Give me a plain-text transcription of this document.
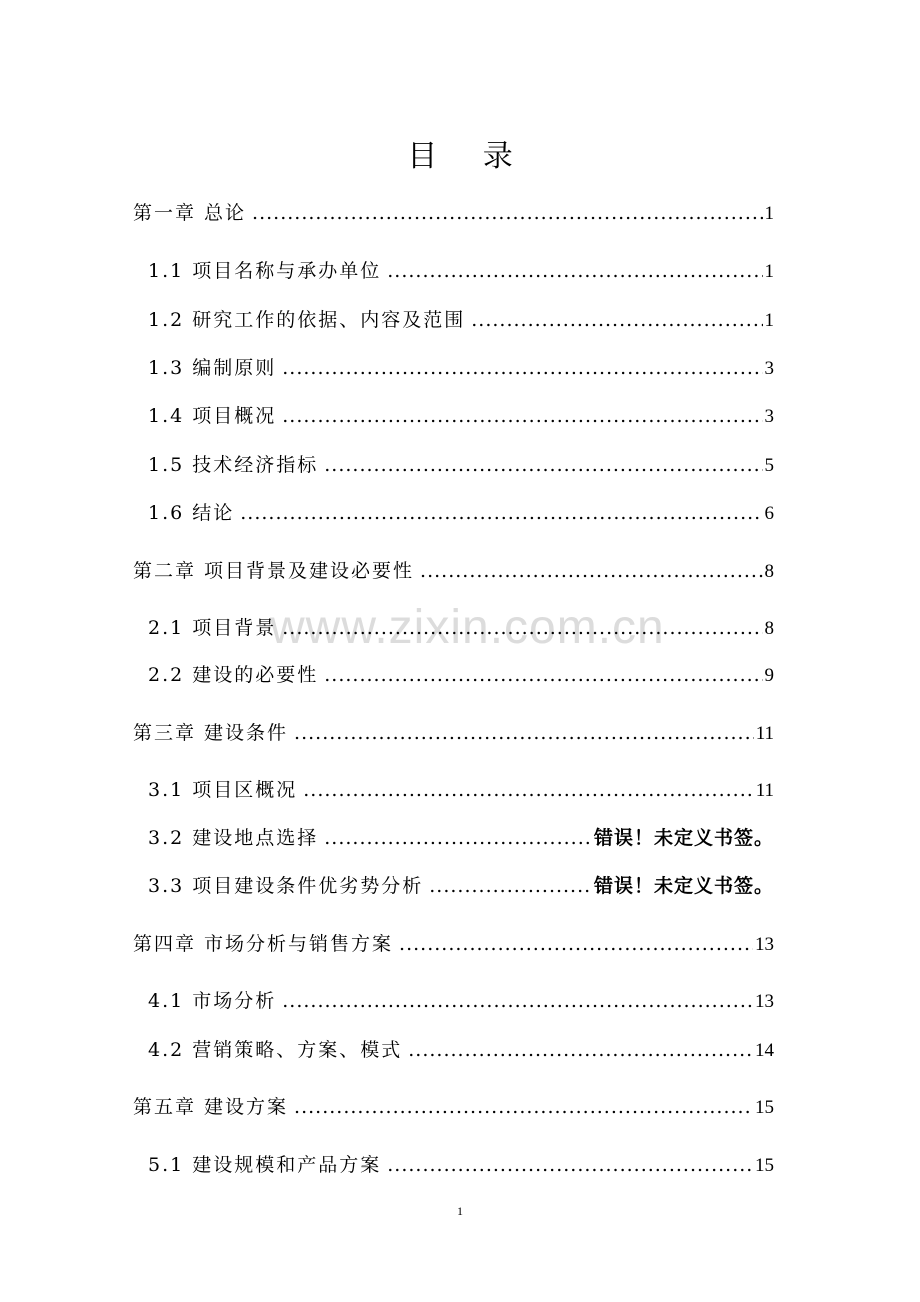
www.zixin.com.cn
目 录
第一章 总论 .....	1
1.1 项目名称与承办单位 .....	1
1.2 研究工作的依据、内容及范围 .....	1
1.3 编制原则 .....	3
1.4 项目概况 .....	3
1.5 技术经济指标 .....	5
1.6 结论 .....	6
第二章 项目背景及建设必要性 .....	8
2.1 项目背景 .....	8
2.2 建设的必要性 .....	9
第三章 建设条件 .....	11
3.1 项目区概况 .....	11
3.2 建设地点选择 .....	错误！未定义书签。
3.3 项目建设条件优劣势分析 .....	错误！未定义书签。
第四章 市场分析与销售方案 .....	13
4.1 市场分析 .....	13
4.2 营销策略、方案、模式 .....	14
第五章 建设方案 .....	15
5.1 建设规模和产品方案 .....	15
1
